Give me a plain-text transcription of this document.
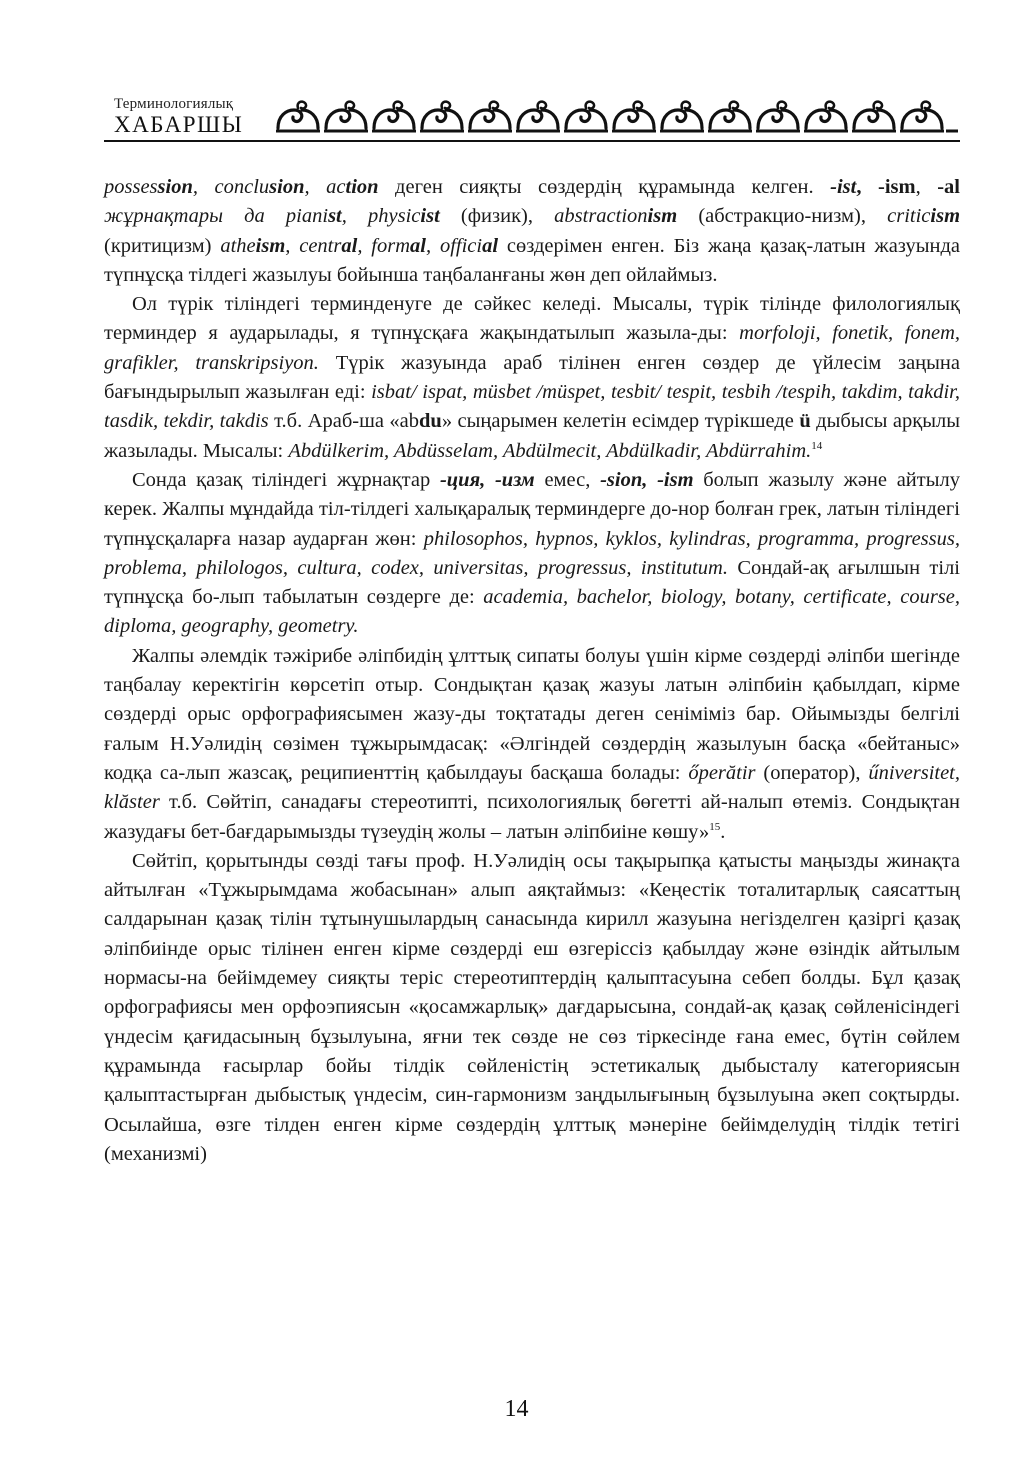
Терминологиялық
ХАБАРШЫ

possession, conclusion, action деген сияқты сөздердің құрамында келген. -ist, -ism, -al жұрнақтары да pianist, physicist (физик), abstractionism (абстракцио-низм), criticism (критицизм) atheism, central, formal, official сөздерімен енген. Біз жаңа қазақ-латын жазуында түпнұсқа тілдегі жазылуы бойынша таңбаланғаны жөн деп ойлаймыз.

Ол түрік тіліндегі терминденуге де сәйкес келеді. Мысалы, түрік тілінде филологиялық терминдер я аударылады, я түпнұсқаға жақындатылып жазыла-ды: morfoloji, fonetik, fonem, grafikler, transkripsiyon. Түрік жазуында араб тілінен енген сөздер де үйлесім заңына бағындырылып жазылған еді: isbat/ ispat, müsbet /müspet, tesbit/ tespit, tesbih /tespih, takdim, takdir, tasdik, tekdir, takdis т.б. Араб-ша «abdu» сыңарымен келетін есімдер түрікшеде ü дыбысы арқылы жазылады. Мысалы: Abdülkerim, Abdüsselam, Abdülmecit, Abdülkadir, Abdürrahim.$^{14}$

Сонда қазақ тіліндегі жұрнақтар -ция, -изм емес, -sion, -ism болып жазылу және айтылу керек. Жалпы мұндайда тіл-тілдегі халықаралық терминдерге до-нор болған грек, латын тіліндегі түпнұсқаларға назар аударған жөн: philosophos, hypnos, kyklos, kylindras, programma, progressus, problema, philologos, cultura, codex, universitas, progressus, institutum. Сондай-ақ ағылшын тілі түпнұсқа бо-лып табылатын сөздерге де: academia, bachelor, biology, botany, certificate, course, diploma, geography, geometry.

Жалпы әлемдік тәжірибе әліпбидің ұлттық сипаты болуы үшін кірме сөздерді әліпби шегінде таңбалау керектігін көрсетіп отыр. Сондықтан қазақ жазуы латын әліпбиін қабылдап, кірме сөздерді орыс орфографиясымен жазу-ды тоқтатады деген сеніміміз бар. Ойымызды белгілі ғалым Н.Уәлидің сөзімен тұжырымдасақ: «Әлгіндей сөздердің жазылуын басқа «бейтаныс» кодқа са-лып жазсақ, реципиенттің қабылдауы басқаша болады: őperătir (оператор), űniversitet, klăster т.б. Сөйтіп, санадағы стереотипті, психологиялық бөгетті ай-налып өтеміз. Сондықтан жазудағы бет-бағдарымызды түзеудің жолы – латын әліпбиіне көшу»$^{15}$.

Сөйтіп, қорытынды сөзді тағы проф. Н.Уәлидің осы тақырыпқа қатысты маңызды жинақта айтылған «Тұжырымдама жобасынан» алып аяқтаймыз: «Кеңестік тоталитарлық саясаттың салдарынан қазақ тілін тұтынушылардың санасында кирилл жазуына негізделген қазіргі қазақ әліпбиінде орыс тілінен енген кірме сөздерді еш өзгеріссіз қабылдау және өзіндік айтылым нормасы-на бейімдемеу сияқты теріс стереотиптердің қалыптасуына себеп болды. Бұл қазақ орфографиясы мен орфоэпиясын «қосамжарлық» дағдарысына, сондай-ақ қазақ сөйленісіндегі үндесім қағидасының бұзылуына, яғни тек сөзде не сөз тіркесінде ғана емес, бүтін сөйлем құрамында ғасырлар бойы тілдік сөйленістің эстетикалық дыбысталу категориясын қалыптастырған дыбыстық үндесім, син-гармонизм заңдылығының бұзылуына әкеп соқтырды. Осылайша, өзге тілден енген кірме сөздердің ұлттық мәнеріне бейімделудің тілдік тетігі (механизмі)

14
